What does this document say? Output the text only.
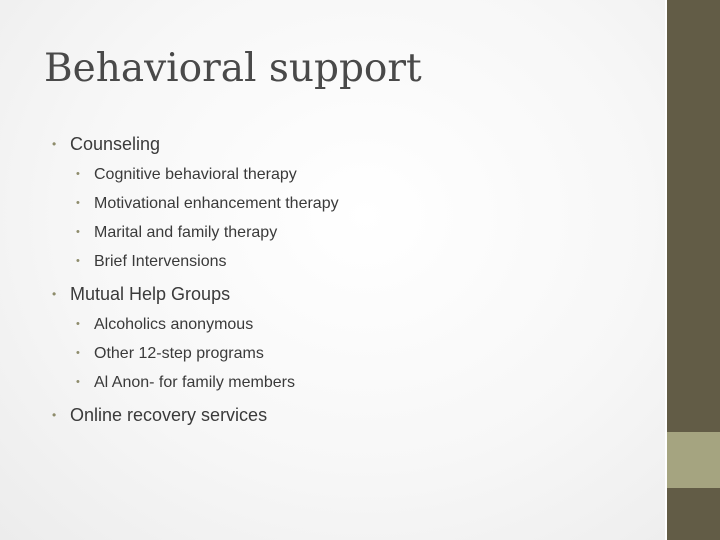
Behavioral support
• Counseling
• Cognitive behavioral therapy
• Motivational enhancement therapy
• Marital and family therapy
• Brief Intervensions
• Mutual Help Groups
• Alcoholics anonymous
• Other 12-step programs
• Al Anon- for family members
• Online recovery services
